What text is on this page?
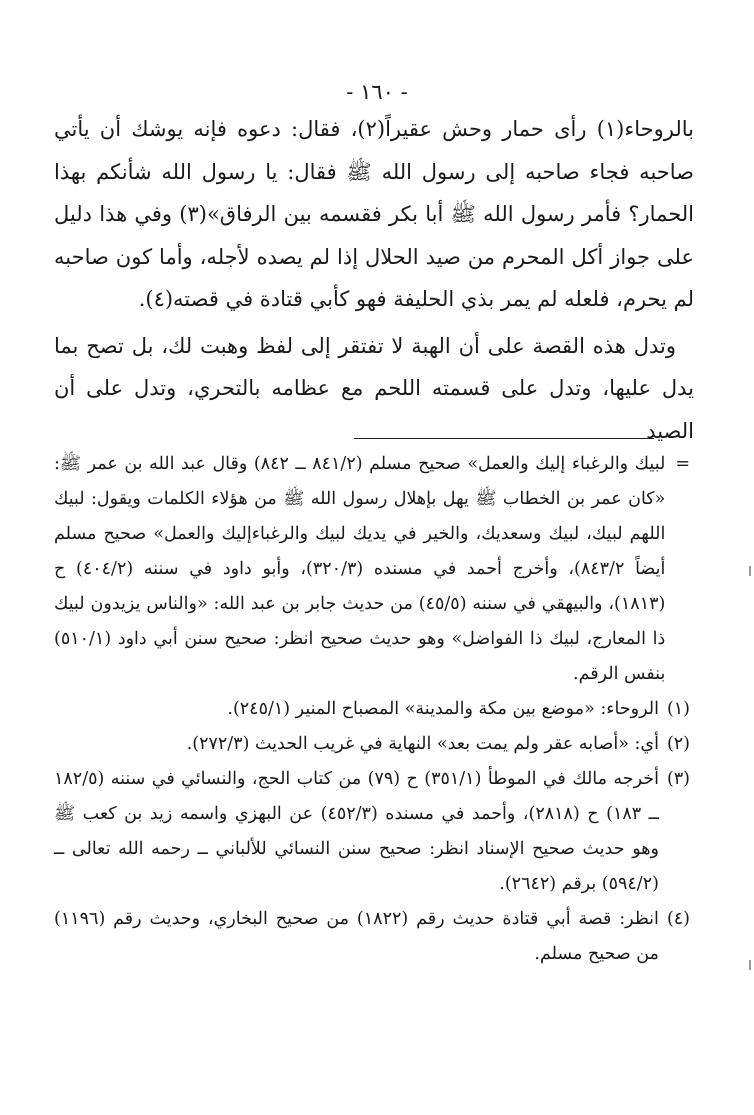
- ١٦٠ -

بالروحاء(١) رأى حمار وحش عقيراً(٢)، فقال: دعوه فإنه يوشك أن يأتي صاحبه فجاء صاحبه إلى رسول الله ﷺ فقال: يا رسول الله شأنكم بهذا الحمار؟ فأمر رسول الله ﷺ أبا بكر فقسمه بين الرفاق»(٣) وفي هذا دليل على جواز أكل المحرم من صيد الحلال إذا لم يصده لأجله، وأما كون صاحبه لم يحرم، فلعله لم يمر بذي الحليفة فهو كأبي قتادة في قصته(٤).

وتدل هذه القصة على أن الهبة لا تفتقر إلى لفظ وهبت لك، بل تصح بما يدل عليها، وتدل على قسمته اللحم مع عظامه بالتحري، وتدل على أن الصيد

=
لبيك والرغباء إليك والعمل» صحيح مسلم (٨٤١/٢ ــ ٨٤٢) وقال عبد الله بن عمر ﷺ: «كان عمر بن الخطاب ﷺ يهل بإهلال رسول الله ﷺ من هؤلاء الكلمات ويقول: لبيك اللهم لبيك، لبيك وسعديك، والخير في يديك لبيك والرغباءإليك والعمل» صحيح مسلم أيضاً ٨٤٣/٢)، وأخرج أحمد في مسنده (٣٢٠/٣)، وأبو داود في سننه (٤٠٤/٢) ح (١٨١٣)، والبيهقي في سننه (٤٥/٥) من حديث جابر بن عبد الله: «والناس يزيدون لبيك ذا المعارج، لبيك ذا الفواضل» وهو حديث صحيح انظر: صحيح سنن أبي داود (٥١٠/١) بنفس الرقم.
(١)
الروحاء: «موضع بين مكة والمدينة» المصباح المنير (٢٤٥/١).
(٢)
أي: «أصابه عقر ولم يمت بعد» النهاية في غريب الحديث (٢٧٢/٣).
(٣)
أخرجه مالك في الموطأ (٣٥١/١) ح (٧٩) من كتاب الحج، والنسائي في سننه (١٨٢/٥ ــ ١٨٣) ح (٢٨١٨)، وأحمد في مسنده (٤٥٢/٣) عن البهزي واسمه زيد بن كعب ﷺ وهو حديث صحيح الإسناد انظر: صحيح سنن النسائي للألباني ــ رحمه الله تعالى ــ (٥٩٤/٢) برقم (٢٦٤٢).
(٤)
انظر: قصة أبي قتادة حديث رقم (١٨٢٢) من صحيح البخاري، وحديث رقم (١١٩٦) من صحيح مسلم.
